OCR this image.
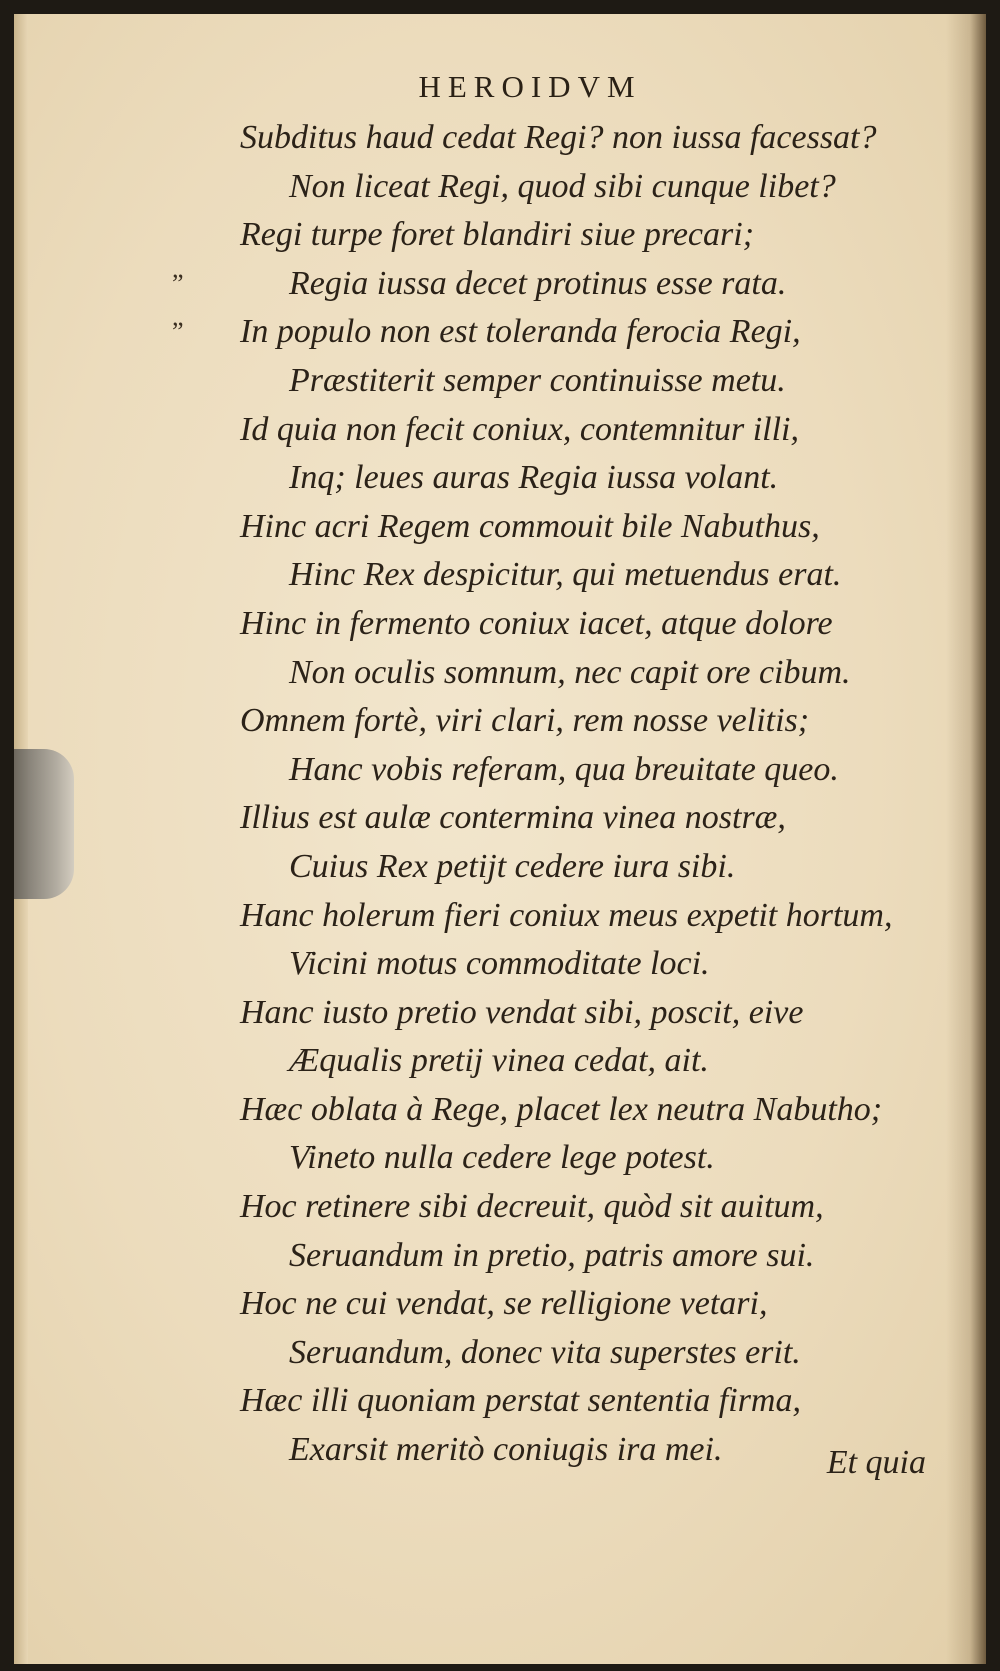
HEROIDVM
Subditus haud cedat Regi? non iussa facessat?
Non liceat Regi, quod sibi cunque libet?
Regi turpe foret blandiri siue precari;
”	Regia iussa decet protinus esse rata.
” In populo non est toleranda ferocia Regi,
Præstiterit semper continuisse metu.
Id quia non fecit coniux, contemnitur illi,
Inq; leues auras Regia iussa volant.
Hinc acri Regem commouit bile Nabuthus,
Hinc Rex despicitur, qui metuendus erat.
Hinc in fermento coniux iacet, atque dolore
Non oculis somnum, nec capit ore cibum.
Omnem fortè, viri clari, rem nosse velitis;
Hanc vobis referam, qua breuitate queo.
Illius est aulæ contermina vinea nostræ,
Cuius Rex petijt cedere iura sibi.
Hanc holerum fieri coniux meus expetit hortum,
Vicini motus commoditate loci.
Hanc iusto pretio vendat sibi, poscit, eive
Æqualis pretij vinea cedat, ait.
Hæc oblata à Rege, placet lex neutra Nabutho;
Vineto nulla cedere lege potest.
Hoc retinere sibi decreuit, quòd sit auitum,
Seruandum in pretio, patris amore sui.
Hoc ne cui vendat, se relligione vetari,
Seruandum, donec vita superstes erit.
Hæc illi quoniam perstat sententia firma,
Exarsit meritò coniugis ira mei.	Et quia
